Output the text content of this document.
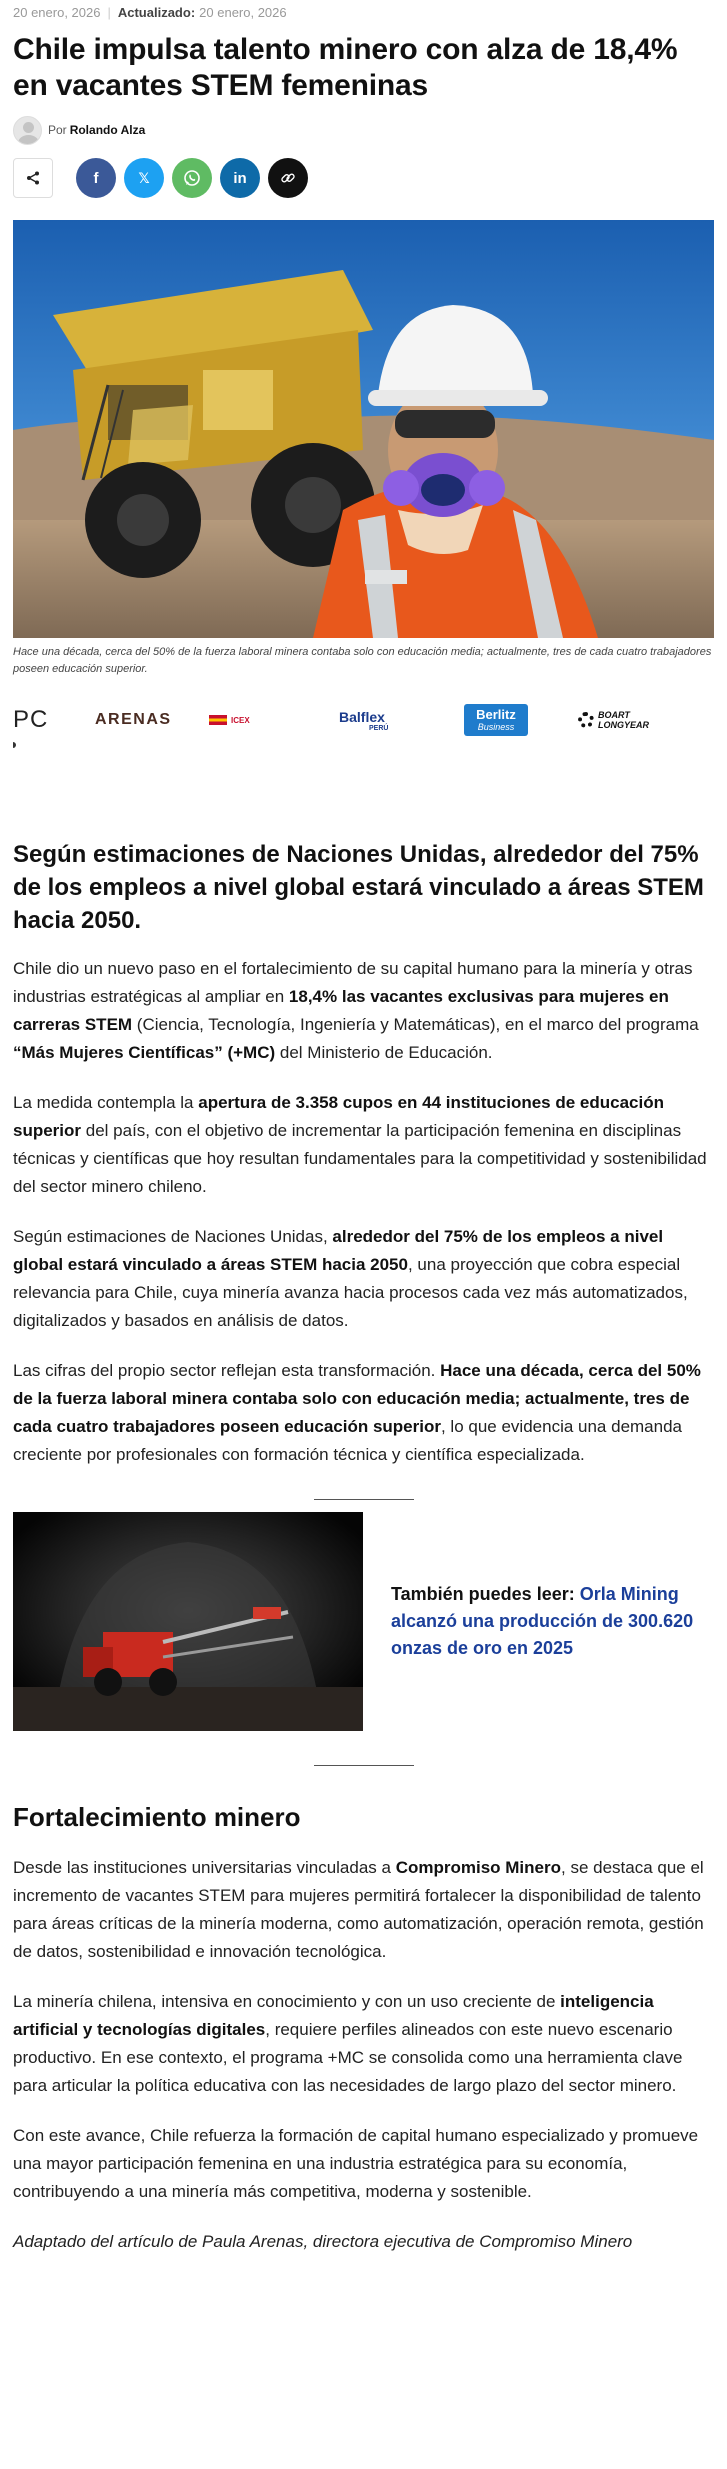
20 enero, 2026 | Actualizado: 20 enero, 2026
Chile impulsa talento minero con alza de 18,4% en vacantes STEM femeninas
Por Rolando Alza
f	𝕏	in

Hace una década, cerca del 50% de la fuerza laboral minera contaba solo con educación media; actualmente, tres de cada cuatro trabajadores poseen educación superior.

PC	ARENAS	ICEX	Balflex
PERÚ
Berlitz
Business
BOART
LONGYEAR
Según estimaciones de Naciones Unidas, alrededor del 75% de los empleos a nivel global estará vinculado a áreas STEM hacia 2050.

Chile dio un nuevo paso en el fortalecimiento de su capital humano para la minería y otras industrias estratégicas al ampliar en 18,4% las vacantes exclusivas para mujeres en carreras STEM (Ciencia, Tecnología, Ingeniería y Matemáticas), en el marco del programa “Más Mujeres Científicas” (+MC) del Ministerio de Educación.

La medida contempla la apertura de 3.358 cupos en 44 instituciones de educación superior del país, con el objetivo de incrementar la participación femenina en disciplinas técnicas y científicas que hoy resultan fundamentales para la competitividad y sostenibilidad del sector minero chileno.

Según estimaciones de Naciones Unidas, alrededor del 75% de los empleos a nivel global estará vinculado a áreas STEM hacia 2050, una proyección que cobra especial relevancia para Chile, cuya minería avanza hacia procesos cada vez más automatizados, digitalizados y basados en análisis de datos.

Las cifras del propio sector reflejan esta transformación. Hace una década, cerca del 50% de la fuerza laboral minera contaba solo con educación media; actualmente, tres de cada cuatro trabajadores poseen educación superior, lo que evidencia una demanda creciente por profesionales con formación técnica y científica especializada.

También puedes leer: Orla Mining alcanzó una producción de 300.620 onzas de oro en 2025
Fortalecimiento minero

Desde las instituciones universitarias vinculadas a Compromiso Minero, se destaca que el incremento de vacantes STEM para mujeres permitirá fortalecer la disponibilidad de talento para áreas críticas de la minería moderna, como automatización, operación remota, gestión de datos, sostenibilidad e innovación tecnológica.

La minería chilena, intensiva en conocimiento y con un uso creciente de inteligencia artificial y tecnologías digitales, requiere perfiles alineados con este nuevo escenario productivo. En ese contexto, el programa +MC se consolida como una herramienta clave para articular la política educativa con las necesidades de largo plazo del sector minero.

Con este avance, Chile refuerza la formación de capital humano especializado y promueve una mayor participación femenina en una industria estratégica para su economía, contribuyendo a una minería más competitiva, moderna y sostenible.

Adaptado del artículo de Paula Arenas, directora ejecutiva de Compromiso Minero
